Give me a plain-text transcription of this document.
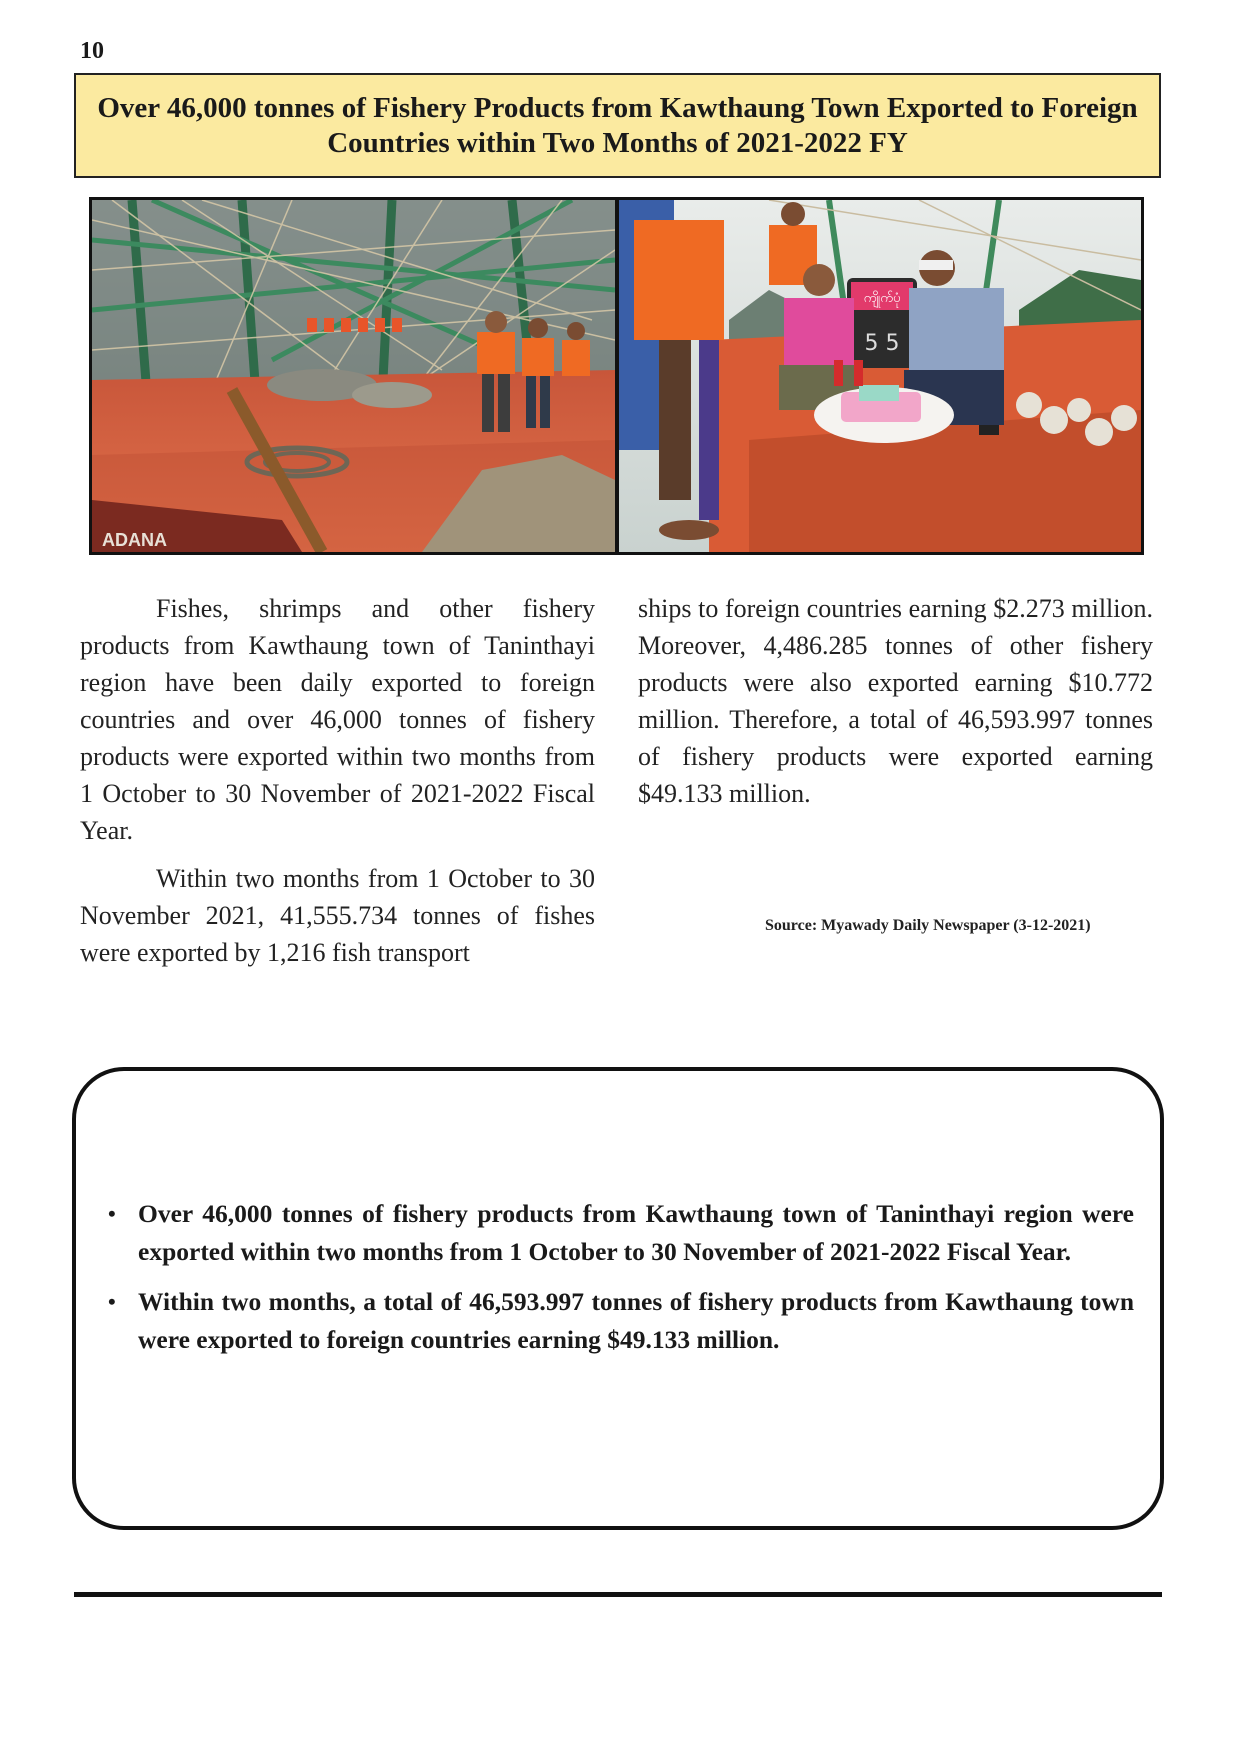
10
Over 46,000 tonnes of Fishery Products from Kawthaung Town Exported to Foreign Countries within Two Months of 2021-2022 FY
ADANA
ကျိုက်ပုံ
5 5

Fishes, shrimps and other fishery products from Kawthaung town of Taninthayi region have been daily exported to foreign countries and over 46,000 tonnes of fishery products were exported within two months from 1 October to 30 November of 2021-2022 Fiscal Year.

Within two months from 1 October to 30 November 2021, 41,555.734 tonnes of fishes were exported by 1,216 fish transport

ships to foreign countries earning $2.273 million. Moreover, 4,486.285 tonnes of other fishery products were also exported earning $10.772 million. Therefore, a total of 46,593.997 tonnes of fishery products were exported earning $49.133 million.

Source: Myawady Daily Newspaper (3-12-2021)
• Over 46,000 tonnes of fishery products from Kawthaung town of Taninthayi region were exported within two months from 1 October to 30 November of 2021-2022 Fiscal Year.
• Within two months, a total of 46,593.997 tonnes of fishery products from Kawthaung town were exported to foreign countries earning $49.133 million.
